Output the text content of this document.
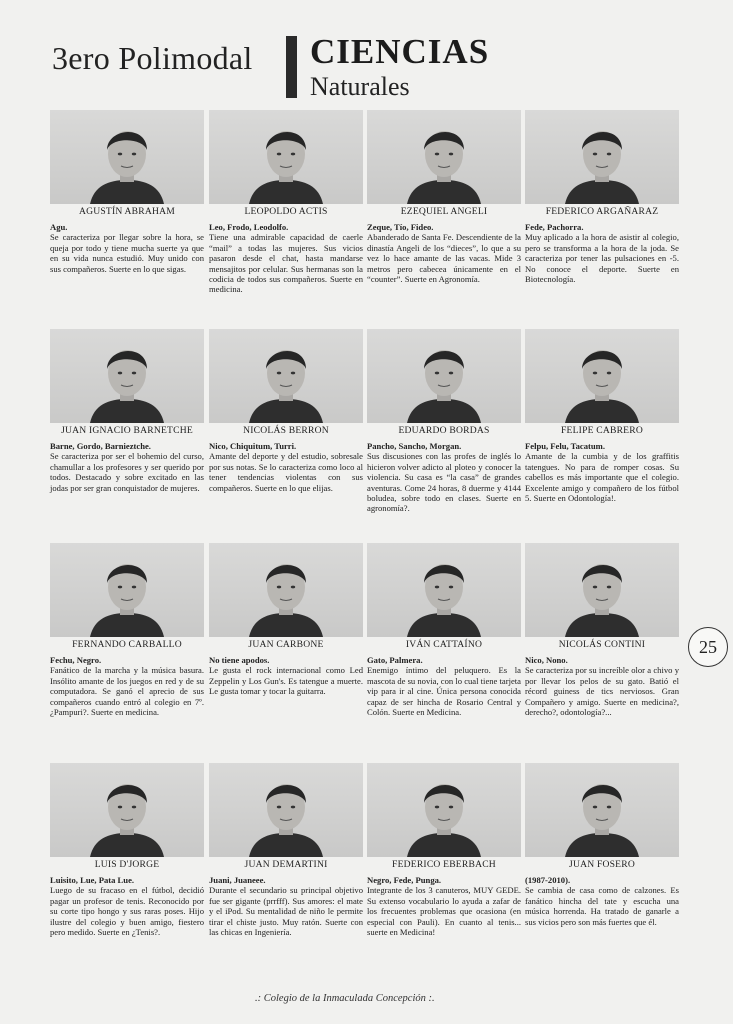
3ero Polimodal CIENCIAS
Naturales
AGUSTÍN ABRAHAM
Agu.
Se caracteriza por llegar sobre la hora, se queja por todo y tiene mucha suerte ya que en su vida nunca estudió. Muy unido con sus compañeros. Suerte en lo que sigas.
LEOPOLDO ACTIS
Leo, Frodo, Leodolfo.
Tiene una admirable capacidad de caerle “mail” a todas las mujeres. Sus vicios pasaron desde el chat, hasta mandarse mensajitos por celular. Sus hermanas son la codicia de todos sus compañeros. Suerte en medicina.
EZEQUIEL ANGELI
Zeque, Tío, Fideo.
Abanderado de Santa Fe. Descendiente de la dinastía Angeli de los “dieces”, lo que a su vez lo hace amante de las vacas. Mide 3 metros pero cabecea únicamente en el “counter”. Suerte en Agronomía.
FEDERICO ARGAÑARAZ
Fede, Pachorra.
Muy aplicado a la hora de asistir al colegio, pero se transforma a la hora de la joda. Se caracteriza por tener las pulsaciones en -5. No conoce el deporte. Suerte en Biotecnología.
JUAN IGNACIO BARNETCHE
Barne, Gordo, Barnieztche.
Se caracteriza por ser el bohemio del curso, chamullar a los profesores y ser querido por todos. Destacado y sobre excitado en las jodas por ser gran conquistador de mujeres.
NICOLÁS BERRON
Nico, Chiquitum, Turri.
Amante del deporte y del estudio, sobresale por sus notas. Se lo caracteriza como loco al tener tendencias violentas con sus compañeros. Suerte en lo que elijas.
EDUARDO BORDAS
Pancho, Sancho, Morgan.
Sus discusiones con las profes de inglés lo hicieron volver adicto al ploteo y conocer la violencia. Su casa es “la casa” de grandes aventuras. Come 24 horas, 8 duerme y 4144 boludea, sobre todo en clases. Suerte en agronomía?.
FELIPE CABRERO
Felpu, Felu, Tacatum.
Amante de la cumbia y de los graffitis tatengues. No para de romper cosas. Su cabellos es más importante que el colegio. Excelente amigo y compañero de los fútbol 5. Suerte en Odontología!.
FERNANDO CARBALLO
Fechu, Negro.
Fanático de la marcha y la música basura. Insólito amante de los juegos en red y de su computadora. Se ganó el aprecio de sus compañeros cuando entró al colegio en 7º. ¿Pampuri?. Suerte en medicina.
JUAN CARBONE
No tiene apodos.
Le gusta el rock internacional como Led Zeppelin y Los Gun's. Es tatengue a muerte. Le gusta tomar y tocar la guitarra.
IVÁN CATTAÍNO
Gato, Palmera.
Enemigo íntimo del peluquero. Es la mascota de su novia, con lo cual tiene tarjeta vip para ir al cine. Única persona conocida capaz de ser hincha de Rosario Central y Colón. Suerte en Medicina.
NICOLÁS CONTINI
Nico, Nono.
Se caracteriza por su increíble olor a chivo y por llevar los pelos de su gato. Batió el récord guiness de tics nerviosos. Gran Compañero y amigo. Suerte en medicina?, derecho?, odontología?...
LUIS D'JORGE
Luisito, Lue, Pata Lue.
Luego de su fracaso en el fútbol, decidió pagar un profesor de tenis. Reconocido por su corte tipo hongo y sus raras poses. Hijo ilustre del colegio y buen amigo, fiestero pero medido. Suerte en ¿Tenis?.
JUAN DEMARTINI
Juani, Juaneee.
Durante el secundario su principal objetivo fue ser gigante (prrfff). Sus amores: el mate y el iPod. Su mentalidad de niño le permite tirar el chiste justo. Muy ratón. Suerte con las chicas en Ingeniería.
FEDERICO EBERBACH
Negro, Fede, Punga.
Integrante de los 3 canuteros, MUY GEDE. Su extenso vocabulario lo ayuda a zafar de los frecuentes problemas que ocasiona (en especial con Pauli). En cuanto al tenis... suerte en Medicina!
JUAN FOSERO
(1987-2010).
Se cambia de casa como de calzones. Es fanático hincha del tate y escucha una música horrenda. Ha tratado de ganarle a sus vicios pero son más fuertes que él.
25
.: Colegio de la Inmaculada Concepción :.
